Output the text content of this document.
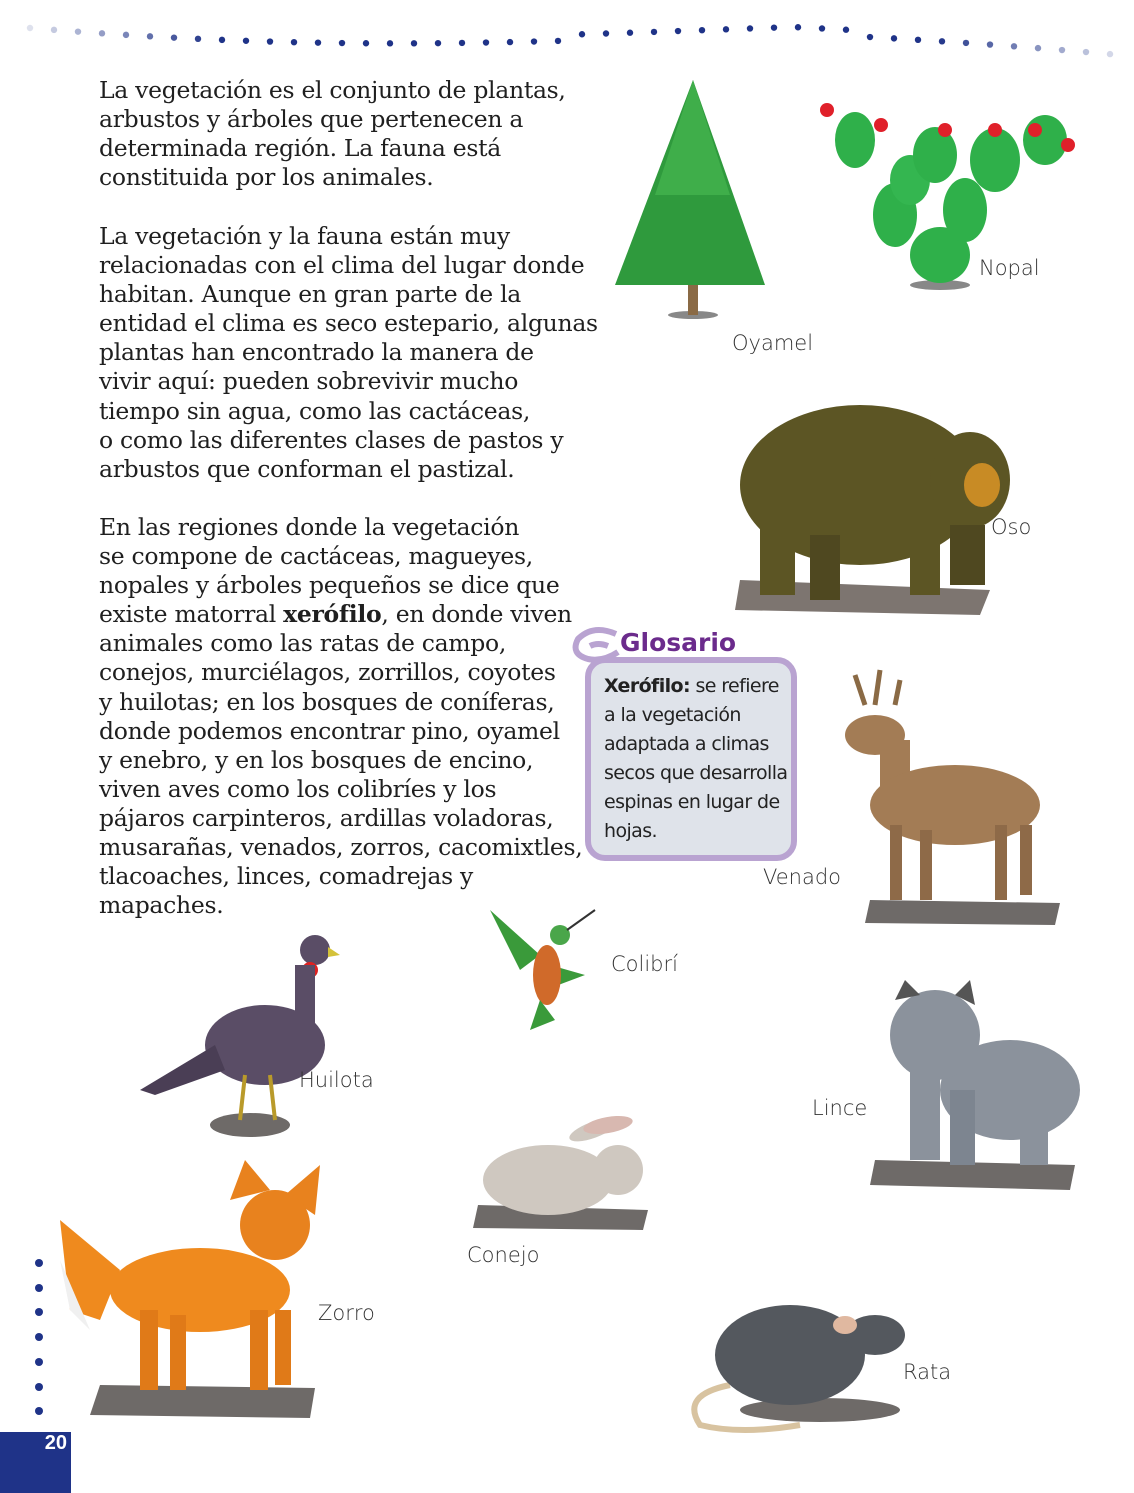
La vegetación es el conjunto de plantas,
arbustos y árboles que pertenecen a
determinada región. La fauna está
constituida por los animales.
La vegetación y la fauna están muy
relacionadas con el clima del lugar donde
habitan. Aunque en gran parte de la
entidad el clima es seco estepario, algunas
plantas han encontrado la manera de
vivir aquí: pueden sobrevivir mucho
tiempo sin agua, como las cactáceas,
o como las diferentes clases de pastos y
arbustos que conforman el pastizal.
En las regiones donde la vegetación
se compone de cactáceas, magueyes,
nopales y árboles pequeños se dice que
existe matorral xerófilo, en donde viven
animales como las ratas de campo,
conejos, murciélagos, zorrillos, coyotes
y huilotas; en los bosques de coníferas,
donde podemos encontrar pino, oyamel
y enebro, y en los bosques de encino,
viven aves como los colibríes y los
pájaros carpinteros, ardillas voladoras,
musarañas, venados, zorros, cacomixtles,
tlacoaches, linces, comadrejas y
mapaches.
Oyamel
Nopal
Oso
Venado
Colibrí
Huilota
Lince
Conejo
Zorro
Rata
Glosario
Xerófilo: se refiere
a la vegetación
adaptada a climas
secos que desarrolla
espinas en lugar de
hojas.
20
